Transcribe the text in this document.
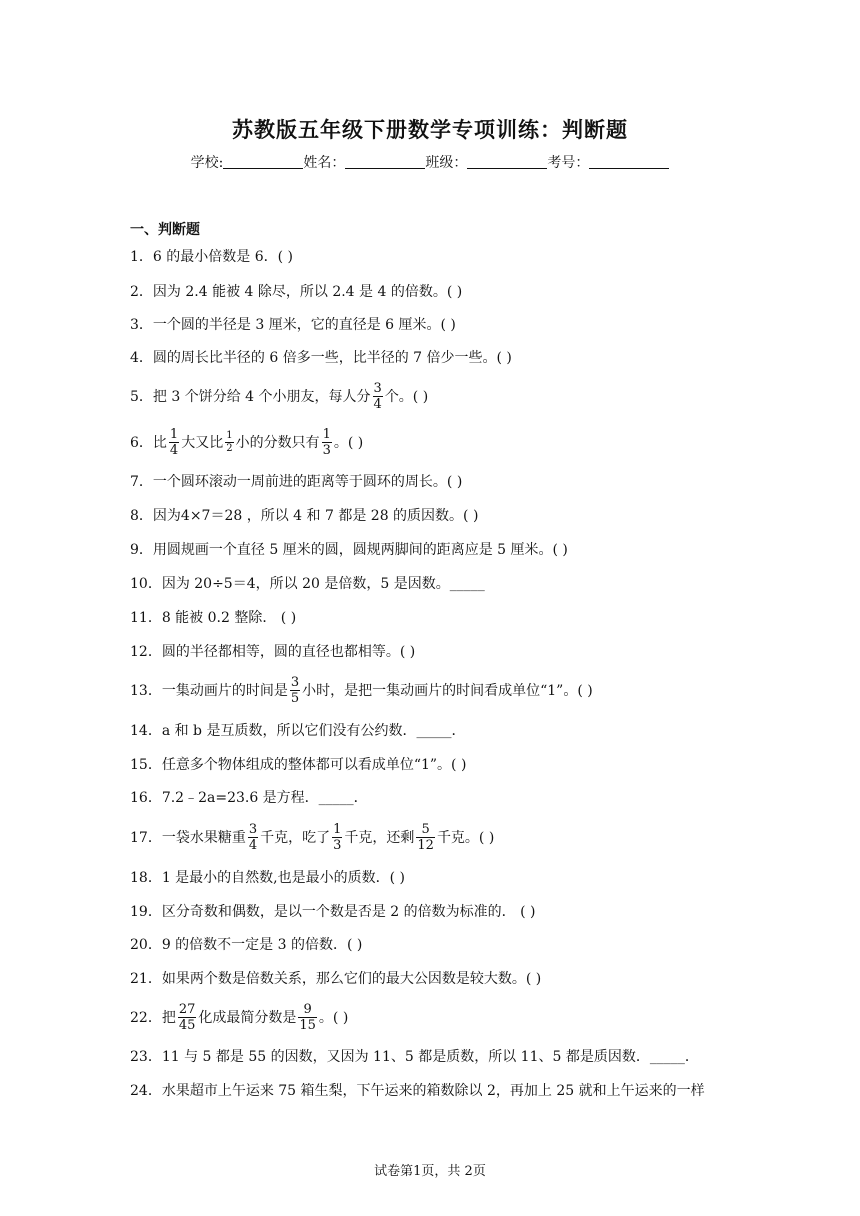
苏教版五年级下册数学专项训练：判断题
学校:	姓名：	班级：	考号：
一、判断题
1．6 的最小倍数是 6．( )
2．因为 2.4 能被 4 除尽，所以 2.4 是 4 的倍数。( )
3．一个圆的半径是 3 厘米，它的直径是 6 厘米。( )
4．圆的周长比半径的 6 倍多一些，比半径的 7 倍少一些。( )
5．把 3 个饼分给 4 个小朋友，每人分 $\frac{3}{4}$ 个。( )
6．比 $\frac{1}{4}$ 大又比 $\frac{1}{2}$ 小的分数只有 $\frac{1}{3}$ 。( )
7．一个圆环滚动一周前进的距离等于圆环的周长。( )
8．因为4×7＝28 ，所以 4 和 7 都是 28 的质因数。( )
9．用圆规画一个直径 5 厘米的圆，圆规两脚间的距离应是 5 厘米。( )
10．因为 20÷5＝4，所以 20 是倍数，5 是因数。_____
11．8 能被 0.2 整除． ( )
12．圆的半径都相等，圆的直径也都相等。( )
13．一集动画片的时间是 $\frac{3}{5}$ 小时，是把一集动画片的时间看成单位“1”。( )
14．a 和 b 是互质数，所以它们没有公约数．_____．
15．任意多个物体组成的整体都可以看成单位“1”。( )
16．7.2﹣2a=23.6 是方程．_____．
17．一袋水果糖重 $\frac{3}{4}$ 千克，吃了 $\frac{1}{3}$ 千克，还剩 $\frac{5}{12}$ 千克。( )
18．1 是最小的自然数,也是最小的质数．( )
19．区分奇数和偶数，是以一个数是否是 2 的倍数为标准的． ( )
20．9 的倍数不一定是 3 的倍数．( )
21．如果两个数是倍数关系，那么它们的最大公因数是较大数。( )
22．把 $\frac{27}{45}$ 化成最简分数是 $\frac{9}{15}$ 。( )
23．11 与 5 都是 55 的因数，又因为 11、5 都是质数，所以 11、5 都是质因数．_____．
24．水果超市上午运来 75 箱生梨，下午运来的箱数除以 2，再加上 25 就和上午运来的一样
试卷第1页，共 2页
